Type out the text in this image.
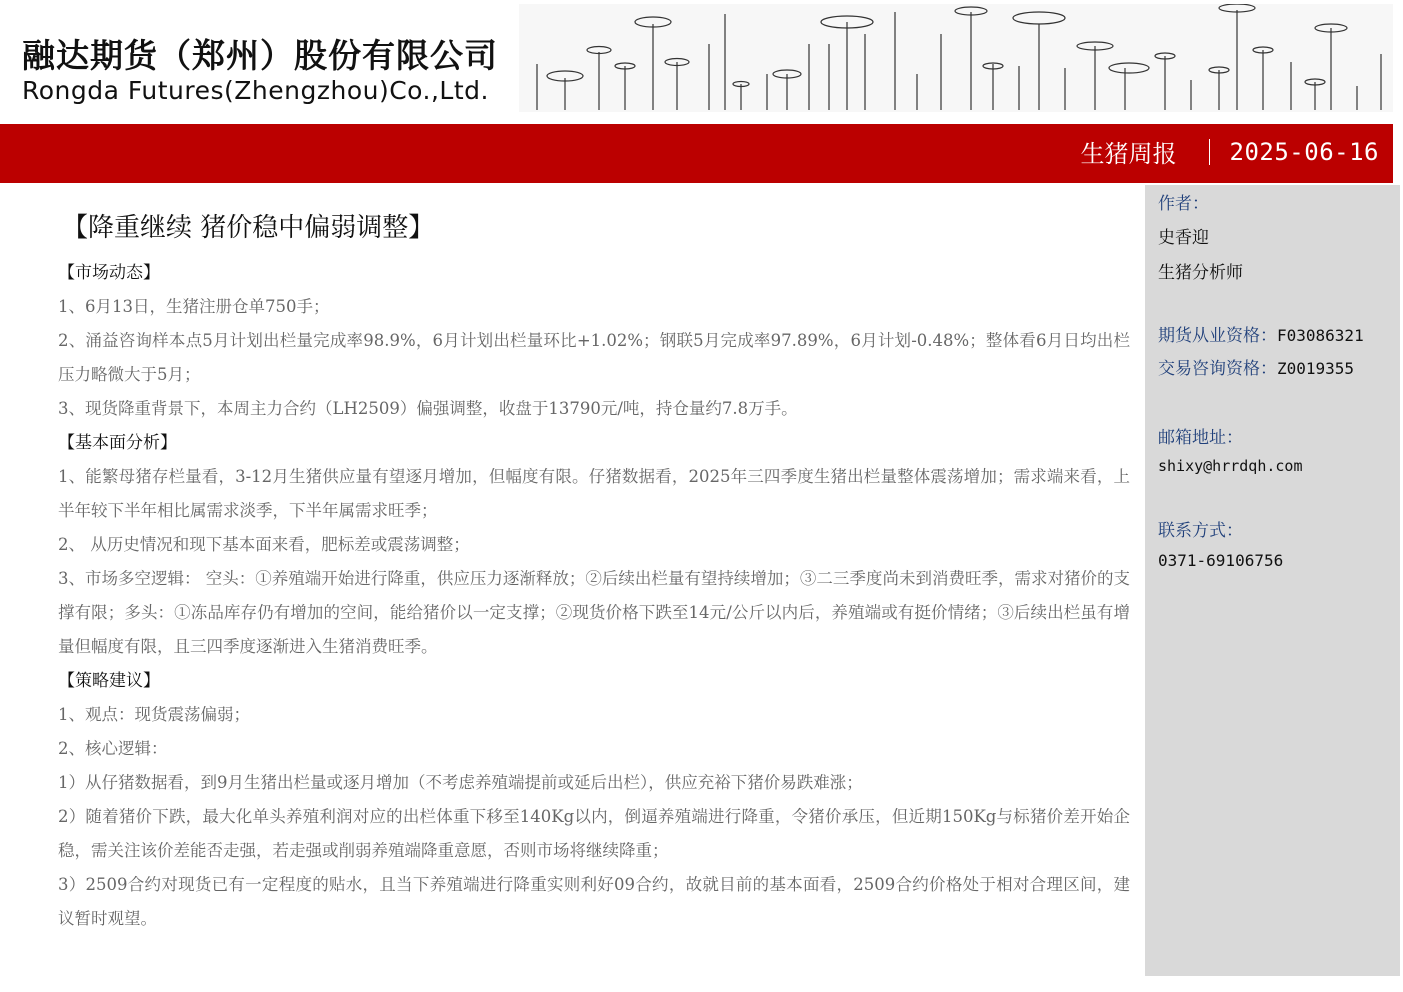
融达期货（郑州）股份有限公司
Rongda Futures(Zhengzhou)Co.,Ltd.
生猪周报 2025-06-16
【降重继续 猪价稳中偏弱调整】

【市场动态】

1、6月13日，生猪注册仓单750手；

2、涌益咨询样本点5月计划出栏量完成率98.9%，6月计划出栏量环比+1.02%；钢联5月完成率97.89%，6月计划-0.48%；整体看6月日均出栏压力略微大于5月；

3、现货降重背景下，本周主力合约（LH2509）偏强调整，收盘于13790元/吨，持仓量约7.8万手。

【基本面分析】

1、能繁母猪存栏量看，3-12月生猪供应量有望逐月增加，但幅度有限。仔猪数据看，2025年三四季度生猪出栏量整体震荡增加；需求端来看，上半年较下半年相比属需求淡季，下半年属需求旺季；

2、 从历史情况和现下基本面来看，肥标差或震荡调整；

3、市场多空逻辑： 空头：①养殖端开始进行降重，供应压力逐渐释放；②后续出栏量有望持续增加；③二三季度尚未到消费旺季，需求对猪价的支撑有限；多头：①冻品库存仍有增加的空间，能给猪价以一定支撑；②现货价格下跌至14元/公斤以内后，养殖端或有挺价情绪；③后续出栏虽有增量但幅度有限，且三四季度逐渐进入生猪消费旺季。

【策略建议】

1、观点：现货震荡偏弱；

2、核心逻辑：

1）从仔猪数据看，到9月生猪出栏量或逐月增加（不考虑养殖端提前或延后出栏），供应充裕下猪价易跌难涨；

2）随着猪价下跌，最大化单头养殖利润对应的出栏体重下移至140Kg以内，倒逼养殖端进行降重，令猪价承压，但近期150Kg与标猪价差开始企稳，需关注该价差能否走强，若走强或削弱养殖端降重意愿，否则市场将继续降重；

3）2509合约对现货已有一定程度的贴水，且当下养殖端进行降重实则利好09合约，故就目前的基本面看，2509合约价格处于相对合理区间，建议暂时观望。

作者：
史香迎
生猪分析师
期货从业资格：F03086321
交易咨询资格：Z0019355
邮箱地址：
shixy@hrrdqh.com
联系方式：
0371-69106756
